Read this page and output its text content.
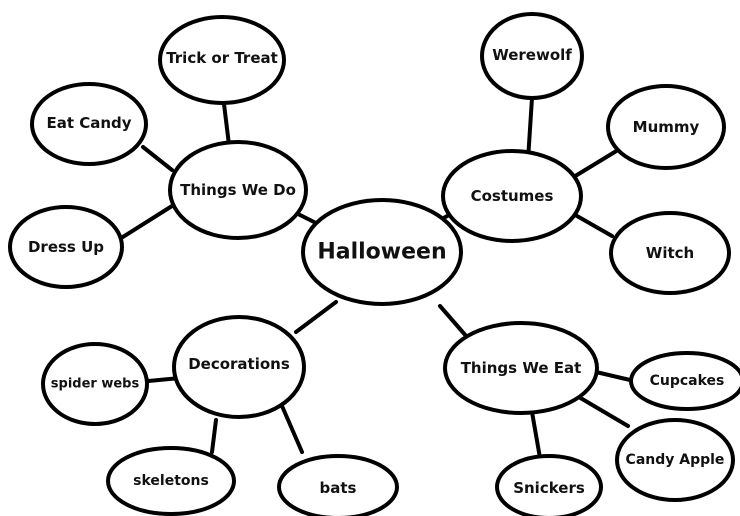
Halloween
Things We Do
Trick or Treat
Eat Candy
Dress Up
Costumes
Werewolf
Mummy
Witch
Decorations
spider webs
skeletons	bats
Things We Eat
Cupcakes
Candy Apple
Snickers
